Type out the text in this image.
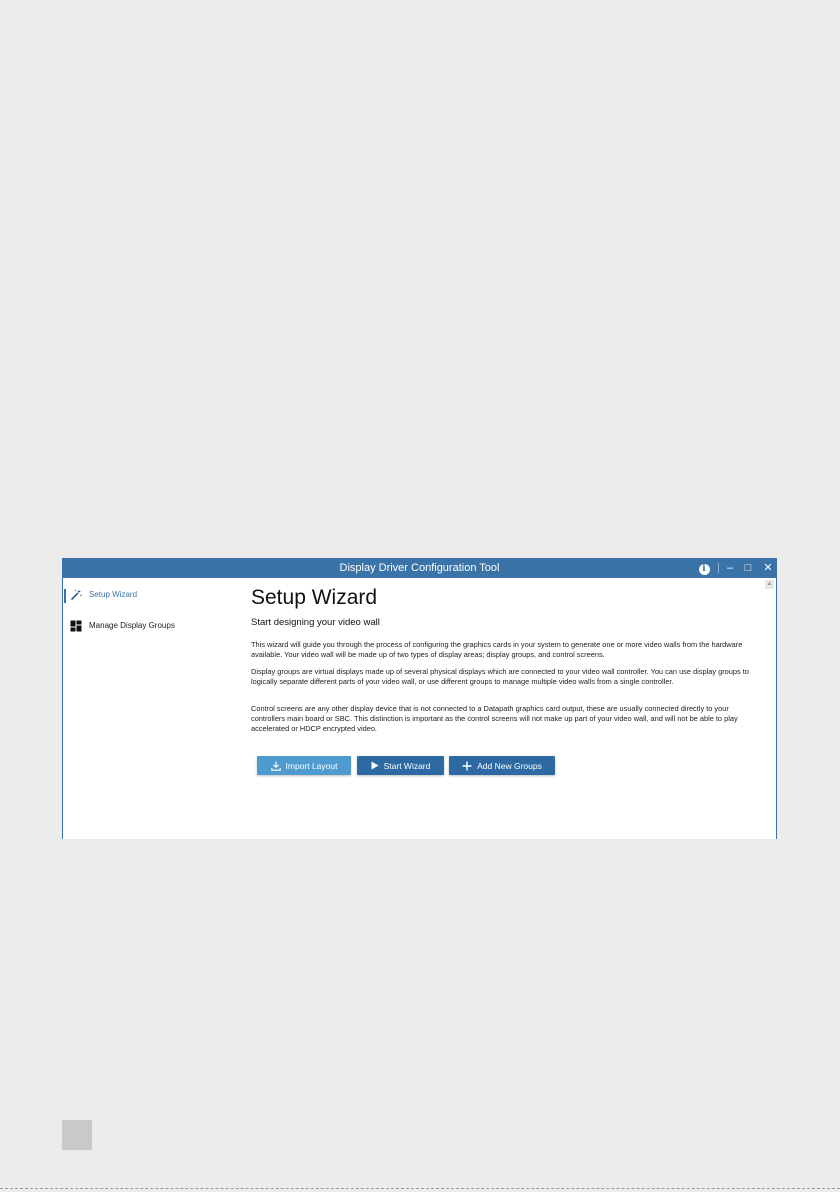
Display Driver Configuration Tool	i	–	□	✕
Setup Wizard
Manage Display Groups
Setup Wizard
Start designing your video wall

This wizard will guide you through the process of configuring the graphics cards in your system to generate one or more video walls from the hardware available. Your video wall will be made up of two types of display areas; display groups, and control screens.

Display groups are virtual displays made up of several physical displays which are connected to your video wall controller. You can use display groups to logically separate different parts of your video wall, or use different groups to manage multiple video walls from a single controller.

Control screens are any other display device that is not connected to a Datapath graphics card output, these are usually connected directly to your controllers main board or SBC. This distinction is important as the control screens will not make up part of your video wall, and will not be able to play accelerated or HDCP encrypted video.

Import Layout	Start Wizard	Add New Groups
▲
